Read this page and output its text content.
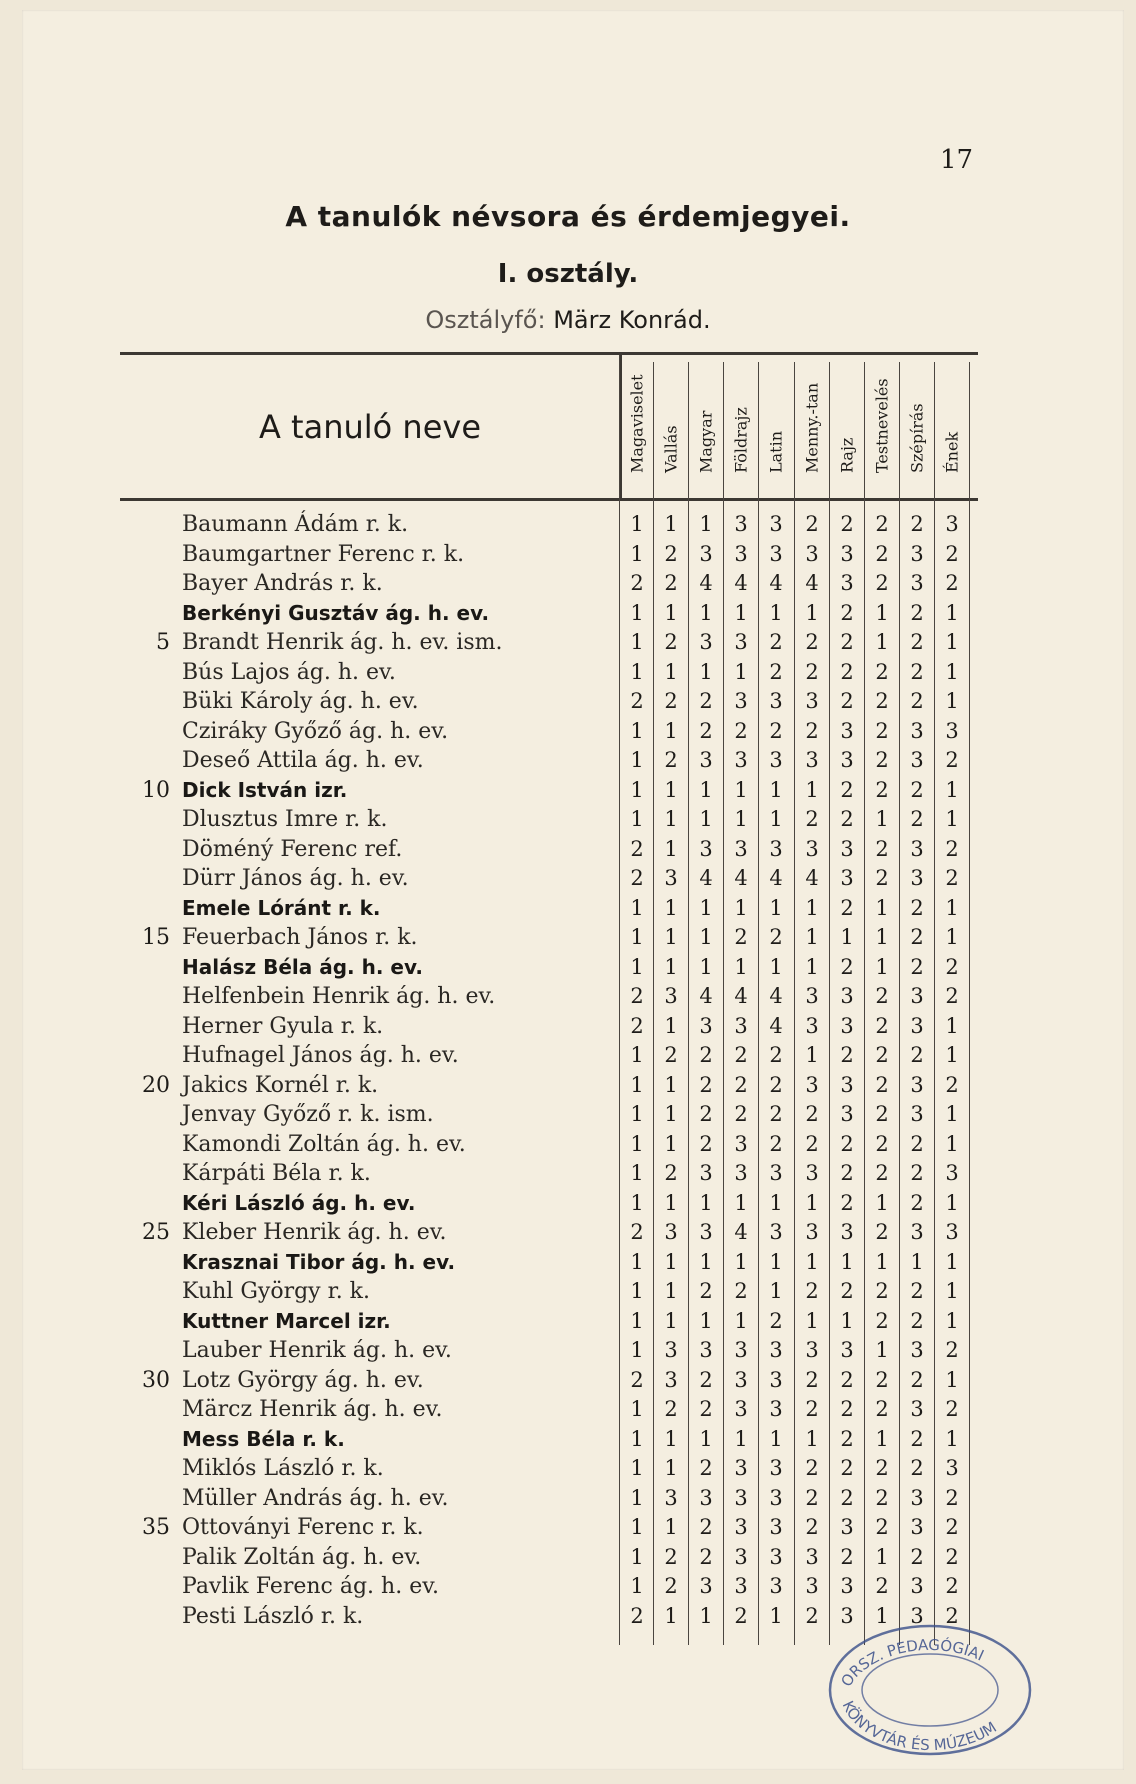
17
A tanulók névsora és érdemjegyei.
I. osztály.
Osztályfő: März Konrád.
A tanuló neve	Magaviselet Vallás Magyar Földrajz Latin Menny.-tan Rajz Testnevelés Szépírás Ének
Baumann Ádám r. k.	1 1	1	3	3	2	2	2	2	3
Baumgartner Ferenc r. k.	1 2	3	3	3	3	3	2	3	2
Bayer András r. k.	2 2	4	4	4	4	3	2	3	2
Berkényi Gusztáv ág. h. ev.	1 1	1	1	1	1	2	1	2	1
5 Brandt Henrik ág. h. ev. ism.	1 2	3	3	2	2	2	1	2	1
Bús Lajos ág. h. ev.	1 1	1	1	2	2	2	2	2	1
Büki Károly ág. h. ev.	2 2	2	3	3	3	2	2	2	1
Cziráky Győző ág. h. ev.	1 1	2	2	2	2	3	2	3	3
Deseő Attila ág. h. ev.	1 2	3	3	3	3	3	2	3	2
10 Dick István izr.	1 1	1	1	1	1	2	2	2	1
Dlusztus Imre r. k.	1 1	1	1	1	2	2	1	2	1
Döméný Ferenc ref.	2 1	3	3	3	3	3	2	3	2
Dürr János ág. h. ev.	2 3	4	4	4	4	3	2	3	2
Emele Lóránt r. k.	1 1	1	1	1	1	2	1	2	1
15 Feuerbach János r. k.	1 1	1	2	2	1	1	1	2	1
Halász Béla ág. h. ev.	1 1	1	1	1	1	2	1	2	2
Helfenbein Henrik ág. h. ev.	2 3	4	4	4	3	3	2	3	2
Herner Gyula r. k.	2 1	3	3	4	3	3	2	3	1
Hufnagel János ág. h. ev.	1 2	2	2	2	1	2	2	2	1
20 Jakics Kornél r. k.	1 1	2	2	2	3	3	2	3	2
Jenvay Győző r. k. ism.	1 1	2	2	2	2	3	2	3	1
Kamondi Zoltán ág. h. ev.	1 1	2	3	2	2	2	2	2	1
Kárpáti Béla r. k.	1 2	3	3	3	3	2	2	2	3
Kéri László ág. h. ev.	1 1	1	1	1	1	2	1	2	1
25 Kleber Henrik ág. h. ev.	2 3	3	4	3	3	3	2	3	3
Krasznai Tibor ág. h. ev.	1 1	1	1	1	1	1	1	1	1
Kuhl György r. k.	1 1	2	2	1	2	2	2	2	1
Kuttner Marcel izr.	1 1	1	1	2	1	1	2	2	1
Lauber Henrik ág. h. ev.	1 3	3	3	3	3	3	1	3	2
30 Lotz György ág. h. ev.	2 3	2	3	3	2	2	2	2	1
Märcz Henrik ág. h. ev.	1 2	2	3	3	2	2	2	3	2
Mess Béla r. k.	1 1	1	1	1	1	2	1	2	1
Miklós László r. k.	1 1	2	3	3	2	2	2	2	3
Müller András ág. h. ev.	1 3	3	3	3	2	2	2	3	2
35 Ottoványi Ferenc r. k.	1 1	2	3	3	2	3	2	3	2
Palik Zoltán ág. h. ev.	1 2	2	3	3	3	2	1	2	2
Pavlik Ferenc ág. h. ev.	1 2	3	3	3	3	3	2	3	2
Pesti László r. k.	2 1	1	2	1	2	3	1	3	2
ORSZ. PEDAGÓGIAI
KÖNYVTÁR ÉS MÚZEUM
